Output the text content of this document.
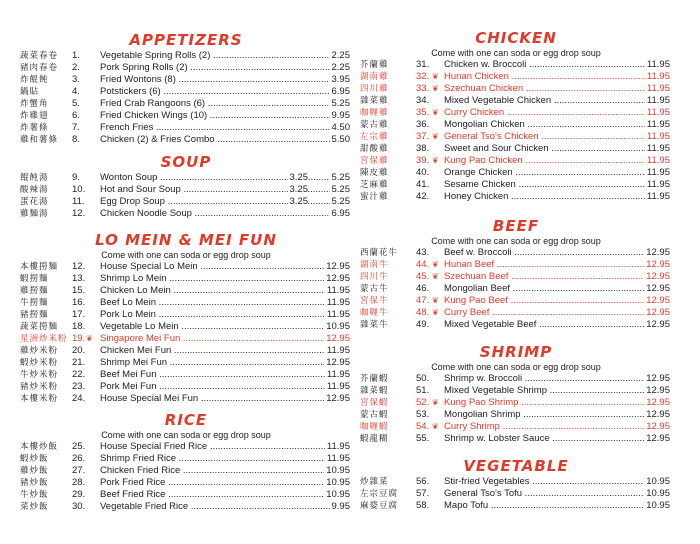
APPETIZERS
蔬菜春卷	1.	Vegetable Spring Rolls (2) .....	2.25
豬肉春卷	2.	Pork Spring Rolls (2) .....	2.25
炸餛飩	3.	Fried Wontons (8) .....	3.95
鍋貼	4.	Potstickers (6) .....	6.95
炸蟹角	5.	Fried Crab Rangoons (6) .....	5.25
炸雞翅	6.	Fried Chicken Wings (10) .....	9.95
炸薯條	7.	French Fries .....	4.50
雞和薯條	8.	Chicken (2) & Fries Combo .....	5.50
SOUP
餛飩湯	9.	Wonton Soup .....	3.25 5.25
酸辣湯	10.	Hot and Sour Soup .....	3.25 5.25
蛋花湯	11.	Egg Drop Soup .....	3.25 5.25
雞麵湯	12.	Chicken Noodle Soup .....	6.95
LO MEIN & MEI FUN
Come with one can soda or egg drop soup
本樓撈麵	12.	House Special Lo Mein .....	12.95
蝦撈麵	13.	Shrimp Lo Mein .....	12.95
雞撈麵	15.	Chicken Lo Mein .....	11.95
牛撈麵	16.	Beef Lo Mein .....	11.95
豬撈麵	17.	Pork Lo Mein .....	11.95
蔬菜撈麵	18.	Vegetable Lo Mein .....	10.95
星洲炒米粉 19. ❦ Singapore Mei Fun .....	12.95
雞炒米粉	20.	Chicken Mei Fun .....	11.95
蝦炒米粉	21.	Shrimp Mei Fun .....	12.95
牛炒米粉	22.	Beef Mei Fun .....	11.95
豬炒米粉	23.	Pork Mei Fun .....	11.95
本樓米粉	24.	House Special Mei Fun .....	12.95
RICE
Come with one can soda or egg drop soup
本樓炒飯	25.	House Special Fried Rice .....	11.95
蝦炒飯	26.	Shrimp Fried Rice .....	11.95
雞炒飯	27.	Chicken Fried Rice .....	10.95
豬炒飯	28.	Pork Fried Rice .....	10.95
牛炒飯	29.	Beef Fried Rice .....	10.95
菜炒飯	30.	Vegetable Fried Rice .....	9.95
CHICKEN
Come with one can soda or egg drop soup
芥蘭雞	31.	Chicken w. Broccoli .....	11.95
湖南雞	32. ❦ Hunan Chicken .....	11.95
四川雞	33. ❦ Szechuan Chicken .....	11.95
雜菜雞	34.	Mixed Vegetable Chicken .....	11.95
咖喱雞	35. ❦ Curry Chicken .....	11.95
蒙古雞	36.	Mongolian Chicken .....	11.95
左宗雞	37. ❦ General Tso's Chicken .....	11.95
甜酸雞	38.	Sweet and Sour Chicken .....	11.95
宮保雞	39. ❦ Kung Pao Chicken .....	11.95
陳皮雞	40.	Orange Chicken .....	11.95
芝麻雞	41.	Sesame Chicken .....	11.95
蜜汁雞	42.	Honey Chicken .....	11.95
BEEF
Come with one can soda or egg drop soup
西蘭花牛	43.	Beef w. Broccoli .....	12.95
湖南牛	44. ❦ Hunan Beef .....	12.95
四川牛	45. ❦ Szechuan Beef .....	12.95
蒙古牛	46.	Mongolian Beef .....	12.95
宮保牛	47. ❦ Kung Pao Beef .....	12.95
咖喱牛	48. ❦ Curry Beef .....	12.95
雜菜牛	49.	Mixed Vegetable Beef .....	12.95
SHRIMP
Come with one can soda or egg drop soup
芥蘭蝦	50.	Shrimp w. Broccoli .....	12.95
雜菜蝦	51.	Mixed Vegetable Shrimp .....	12.95
宮保蝦	52. ❦ Kung Pao Shrimp .....	12.95
蒙古蝦	53.	Mongolian Shrimp .....	12.95
咖喱蝦	54. ❦ Curry Shrimp .....	12.95
蝦龍糊	55.	Shrimp w. Lobster Sauce .....	12.95
VEGETABLE
炒雜菜	56.	Stir-fried Vegetables .....	10.95
左宗豆腐	57.	General Tso's Tofu .....	10.95
麻婆豆腐	58.	Mapo Tofu .....	10.95
